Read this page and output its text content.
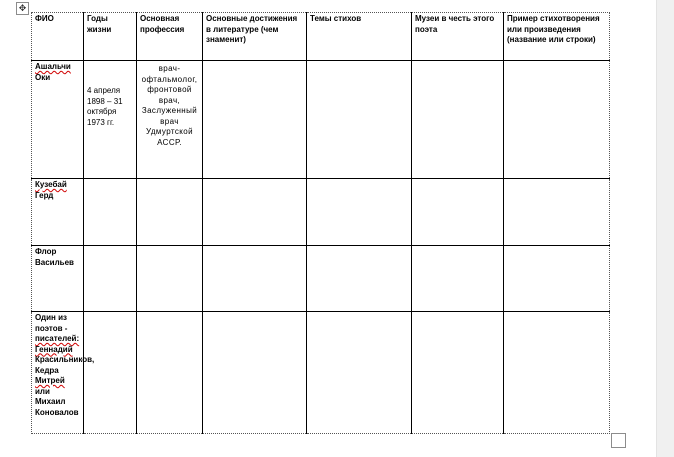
✥
ФИО	Годы жизни	Основная профессия	Основные достижения в литературе (чем знаменит)	Темы стихов	Музеи в честь этого поэта	Пример стихотворения или произведения (название или строки)
Ашальчи Оки	4 апреля 1898 – 31 октября 1973 гг.	врач-офтальмолог, фронтовой врач, Заслуженный врач Удмуртской АССР.				
Кузебай Герд						
Флор Васильев						
Один из поэтов - писателей: Геннадий Красильников, Кедра Митрей или Михаил Коновалов						
